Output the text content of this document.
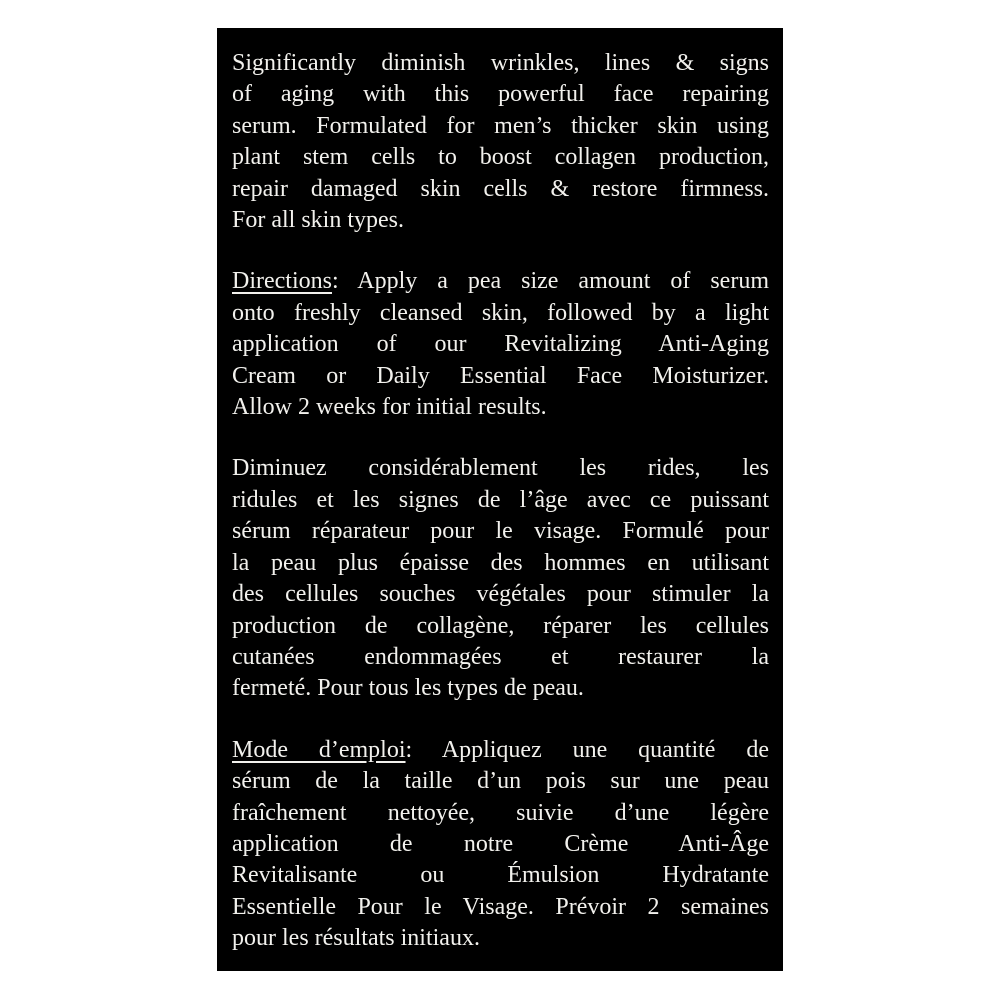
Significantly diminish wrinkles, lines & signs
of aging with this powerful face repairing
serum. Formulated for men’s thicker skin using
plant stem cells to boost collagen production,
repair damaged skin cells & restore firmness.
For all skin types.
Directions: Apply a pea size amount of serum
onto freshly cleansed skin, followed by a light
application of our Revitalizing Anti-Aging
Cream or Daily Essential Face Moisturizer.
Allow 2 weeks for initial results.
Diminuez considérablement les rides, les
ridules et les signes de l’âge avec ce puissant
sérum réparateur pour le visage. Formulé pour
la peau plus épaisse des hommes en utilisant
des cellules souches végétales pour stimuler la
production de collagène, réparer les cellules
cutanées endommagées et restaurer la
fermeté. Pour tous les types de peau.
Mode d’emploi: Appliquez une quantité de
sérum de la taille d’un pois sur une peau
fraîchement nettoyée, suivie d’une légère
application de notre Crème Anti-Âge
Revitalisante ou Émulsion Hydratante
Essentielle Pour le Visage. Prévoir 2 semaines
pour les résultats initiaux.
